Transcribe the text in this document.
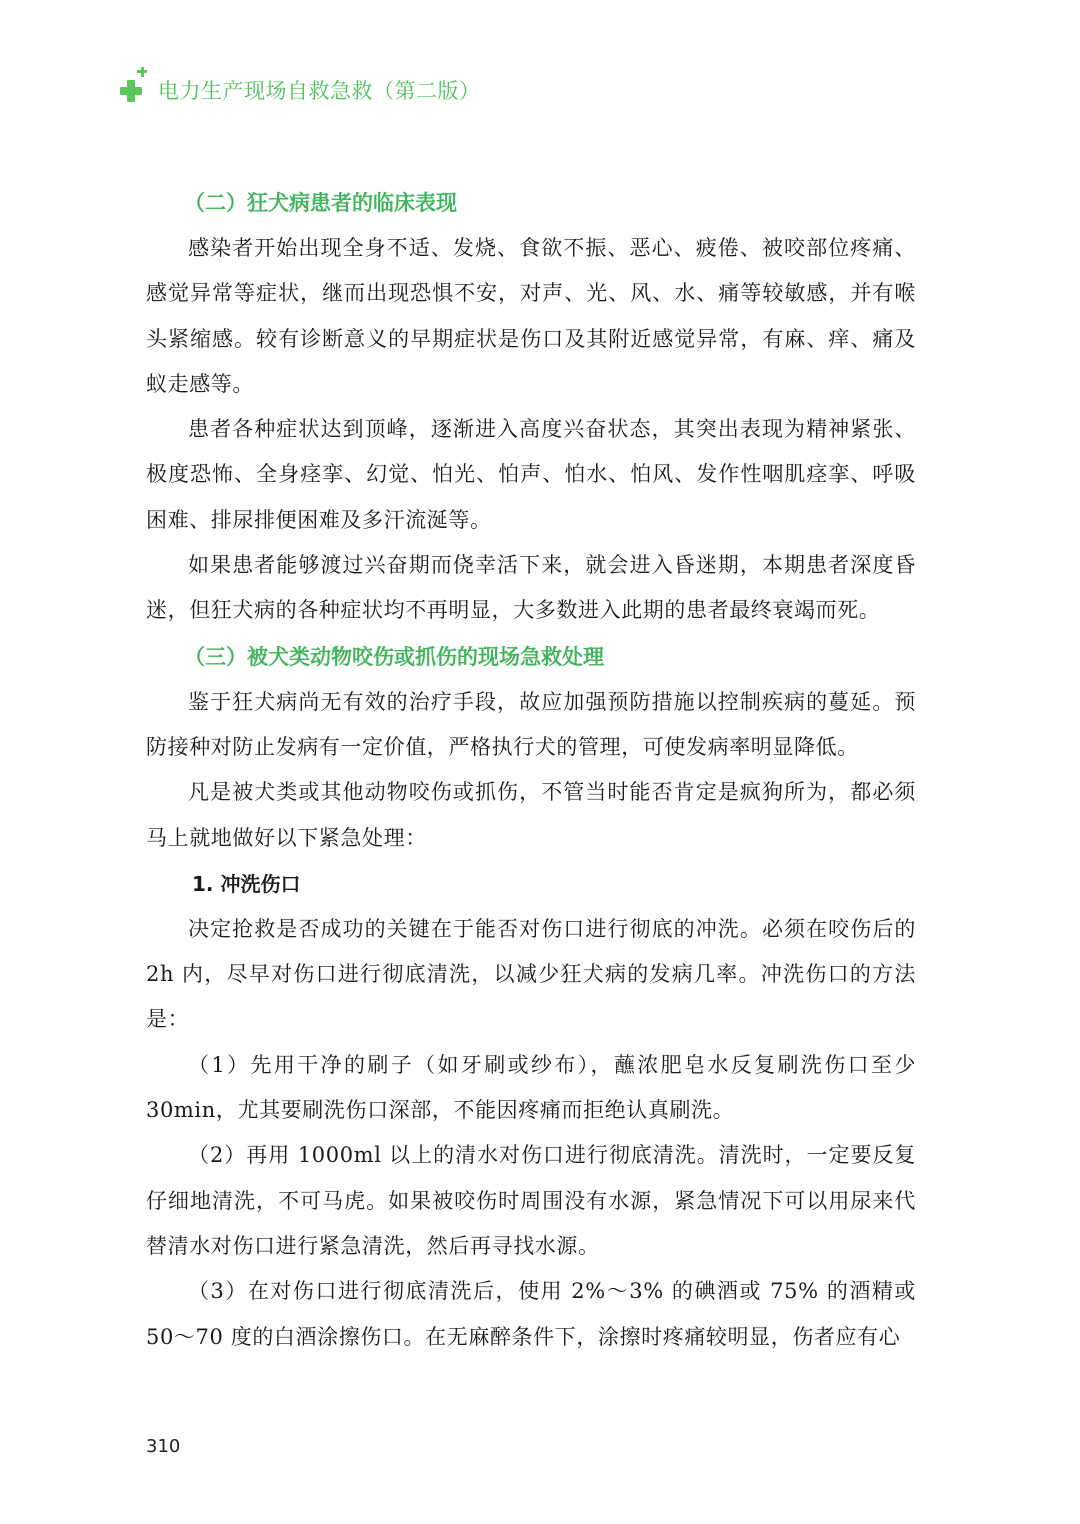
电力生产现场自救急救（第二版）
（二）狂犬病患者的临床表现

感染者开始出现全身不适、发烧、食欲不振、恶心、疲倦、被咬部位疼痛、感觉异常等症状，继而出现恐惧不安，对声、光、风、水、痛等较敏感，并有喉头紧缩感。较有诊断意义的早期症状是伤口及其附近感觉异常，有麻、痒、痛及蚁走感等。

患者各种症状达到顶峰，逐渐进入高度兴奋状态，其突出表现为精神紧张、极度恐怖、全身痉挛、幻觉、怕光、怕声、怕水、怕风、发作性咽肌痉挛、呼吸困难、排尿排便困难及多汗流涎等。

如果患者能够渡过兴奋期而侥幸活下来，就会进入昏迷期，本期患者深度昏迷，但狂犬病的各种症状均不再明显，大多数进入此期的患者最终衰竭而死。

（三）被犬类动物咬伤或抓伤的现场急救处理

鉴于狂犬病尚无有效的治疗手段，故应加强预防措施以控制疾病的蔓延。预防接种对防止发病有一定价值，严格执行犬的管理，可使发病率明显降低。

凡是被犬类或其他动物咬伤或抓伤，不管当时能否肯定是疯狗所为，都必须马上就地做好以下紧急处理：

1. 冲洗伤口

决定抢救是否成功的关键在于能否对伤口进行彻底的冲洗。必须在咬伤后的 2h 内，尽早对伤口进行彻底清洗，以减少狂犬病的发病几率。冲洗伤口的方法是：

（1）先用干净的刷子（如牙刷或纱布），蘸浓肥皂水反复刷洗伤口至少 30min，尤其要刷洗伤口深部，不能因疼痛而拒绝认真刷洗。

（2）再用 1000ml 以上的清水对伤口进行彻底清洗。清洗时，一定要反复仔细地清洗，不可马虎。如果被咬伤时周围没有水源，紧急情况下可以用尿来代替清水对伤口进行紧急清洗，然后再寻找水源。

（3）在对伤口进行彻底清洗后，使用 2%～3% 的碘酒或 75% 的酒精或 50～70 度的白酒涂擦伤口。在无麻醉条件下，涂擦时疼痛较明显，伤者应有心

310
